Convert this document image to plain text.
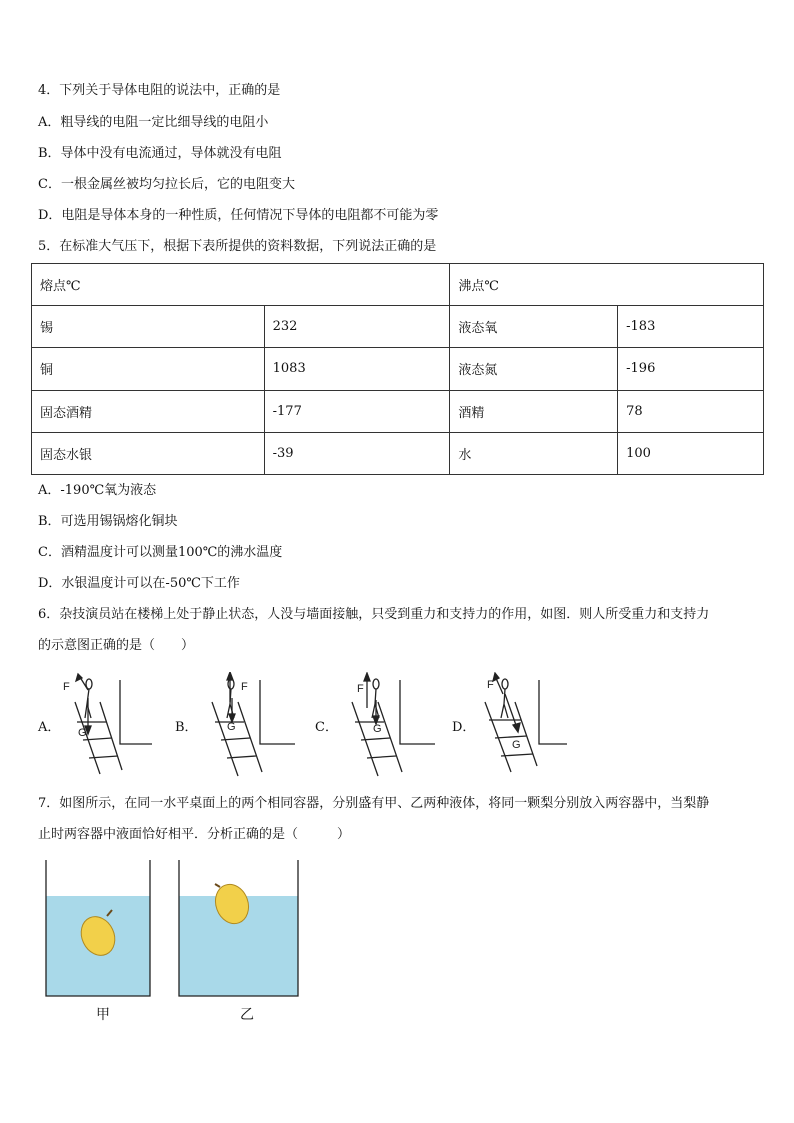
4．下列关于导体电阻的说法中，正确的是
A．粗导线的电阻一定比细导线的电阻小
B．导体中没有电流通过，导体就没有电阻
C．一根金属丝被均匀拉长后，它的电阻变大
D．电阻是导体本身的一种性质，任何情况下导体的电阻都不可能为零
5．在标准大气压下，根据下表所提供的资料数据，下列说法正确的是
熔点℃		沸点℃	
锡	232	液态氧	-183
铜	1083	液态氮	-196
固态酒精	-177	酒精	78
固态水银	-39	水	100
A．-190℃氧为液态
B．可选用锡锅熔化铜块
C．酒精温度计可以测量100℃的沸水温度
D．水银温度计可以在-50℃下工作
6．杂技演员站在楼梯上处于静止状态，人没与墙面接触，只受到重力和支持力的作用，如图．则人所受重力和支持力
的示意图正确的是（　　）
A．	B．	C．	D．
F
G
F
G
F
G
F
G
7．如图所示，在同一水平桌面上的两个相同容器，分别盛有甲、乙两种液体，将同一颗梨分别放入两容器中，当梨静
止时两容器中液面恰好相平．分析正确的是（　　　）
甲	乙
